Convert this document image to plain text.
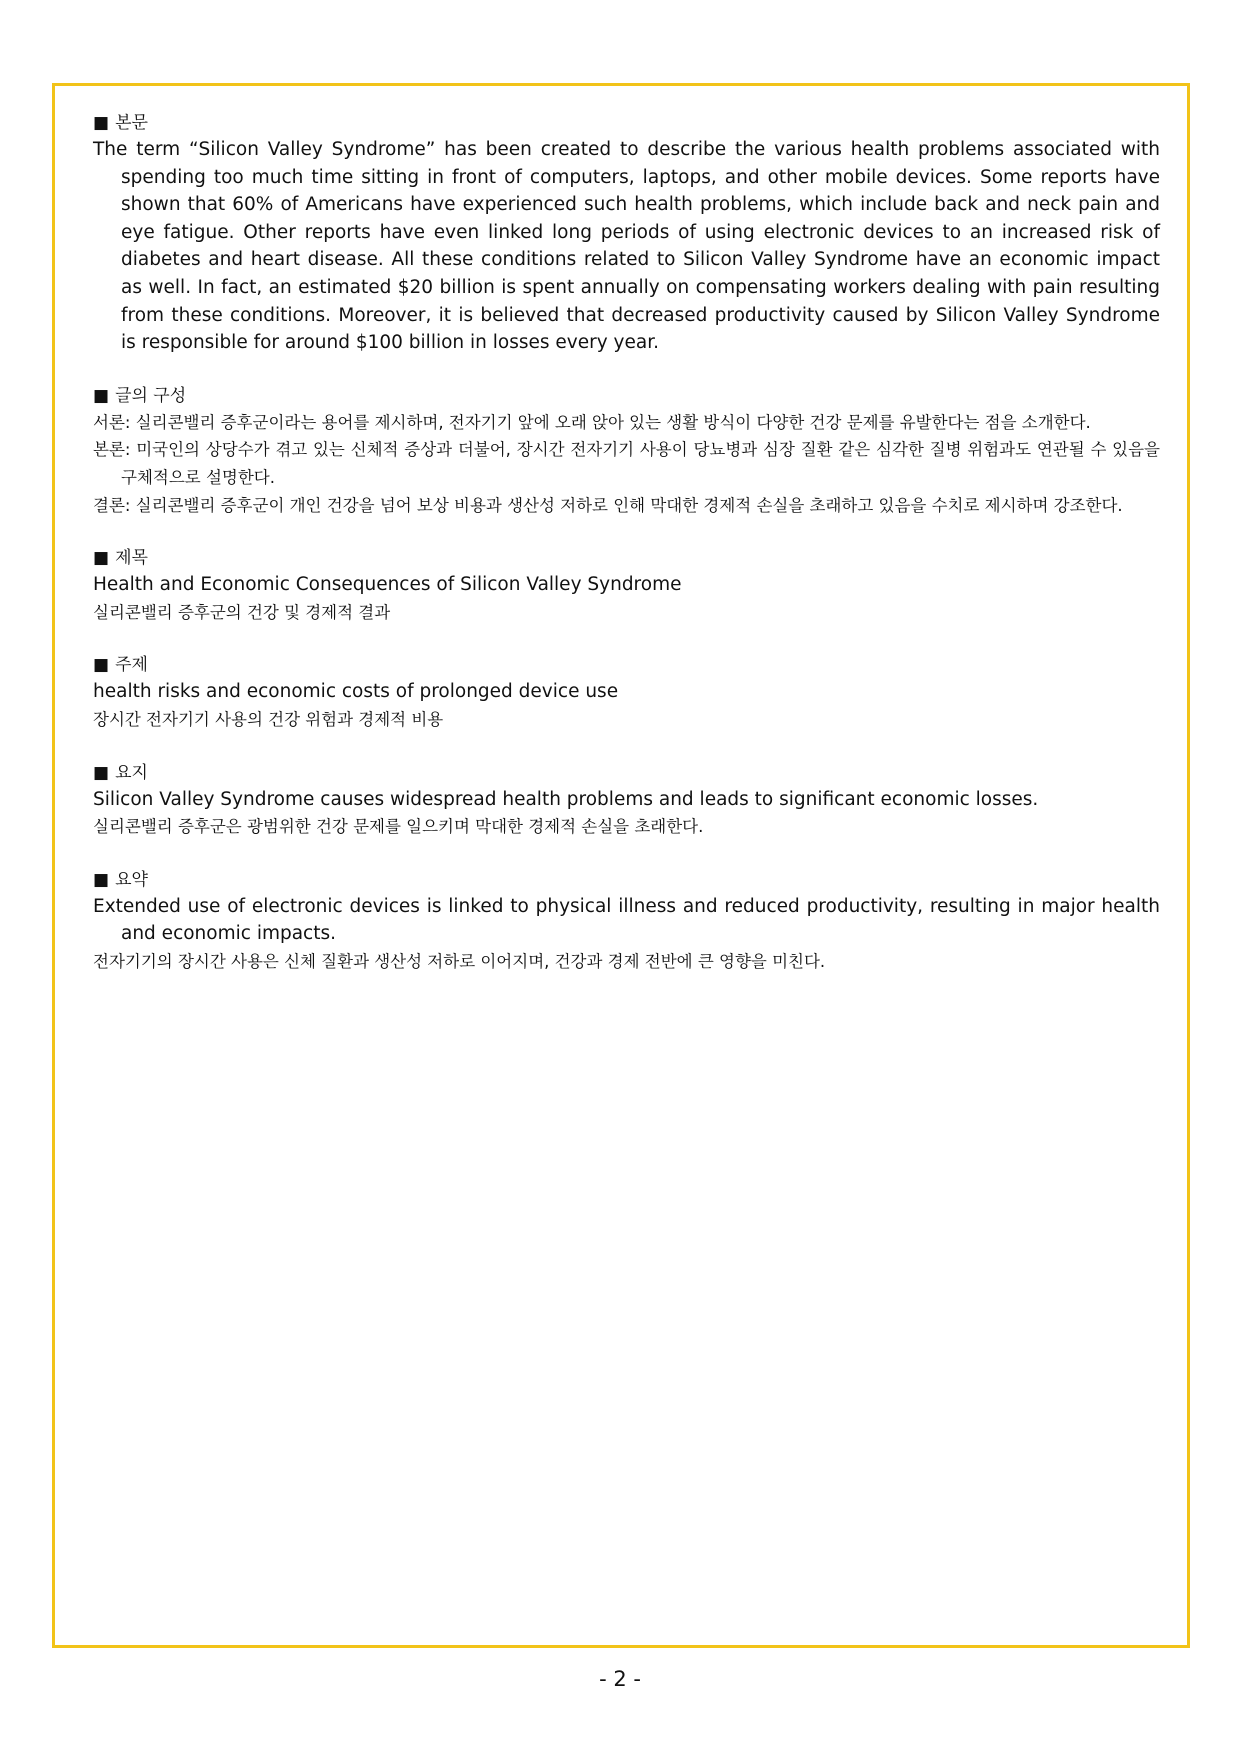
■ 본문
The term “Silicon Valley Syndrome” has been created to describe the various health problems associated with spending too much time sitting in front of computers, laptops, and other mobile devices. Some reports have shown that 60% of Americans have experienced such health problems, which include back and neck pain and eye fatigue. Other reports have even linked long periods of using electronic devices to an increased risk of diabetes and heart disease. All these conditions related to Silicon Valley Syndrome have an economic impact as well. In fact, an estimated $20 billion is spent annually on compensating workers dealing with pain resulting from these conditions. Moreover, it is believed that decreased productivity caused by Silicon Valley Syndrome is responsible for around $100 billion in losses every year.
■ 글의 구성
서론: 실리콘밸리 증후군이라는 용어를 제시하며, 전자기기 앞에 오래 앉아 있는 생활 방식이 다양한 건강 문제를 유발한다는 점을 소개한다.
본론: 미국인의 상당수가 겪고 있는 신체적 증상과 더불어, 장시간 전자기기 사용이 당뇨병과 심장 질환 같은 심각한 질병 위험과도 연관될 수 있음을 구체적으로 설명한다.
결론: 실리콘밸리 증후군이 개인 건강을 넘어 보상 비용과 생산성 저하로 인해 막대한 경제적 손실을 초래하고 있음을 수치로 제시하며 강조한다.
■ 제목
Health and Economic Consequences of Silicon Valley Syndrome
실리콘밸리 증후군의 건강 및 경제적 결과
■ 주제
health risks and economic costs of prolonged device use
장시간 전자기기 사용의 건강 위험과 경제적 비용
■ 요지
Silicon Valley Syndrome causes widespread health problems and leads to significant economic losses.
실리콘밸리 증후군은 광범위한 건강 문제를 일으키며 막대한 경제적 손실을 초래한다.
■ 요약
Extended use of electronic devices is linked to physical illness and reduced productivity, resulting in major health and economic impacts.
전자기기의 장시간 사용은 신체 질환과 생산성 저하로 이어지며, 건강과 경제 전반에 큰 영향을 미친다.
- 2 -
